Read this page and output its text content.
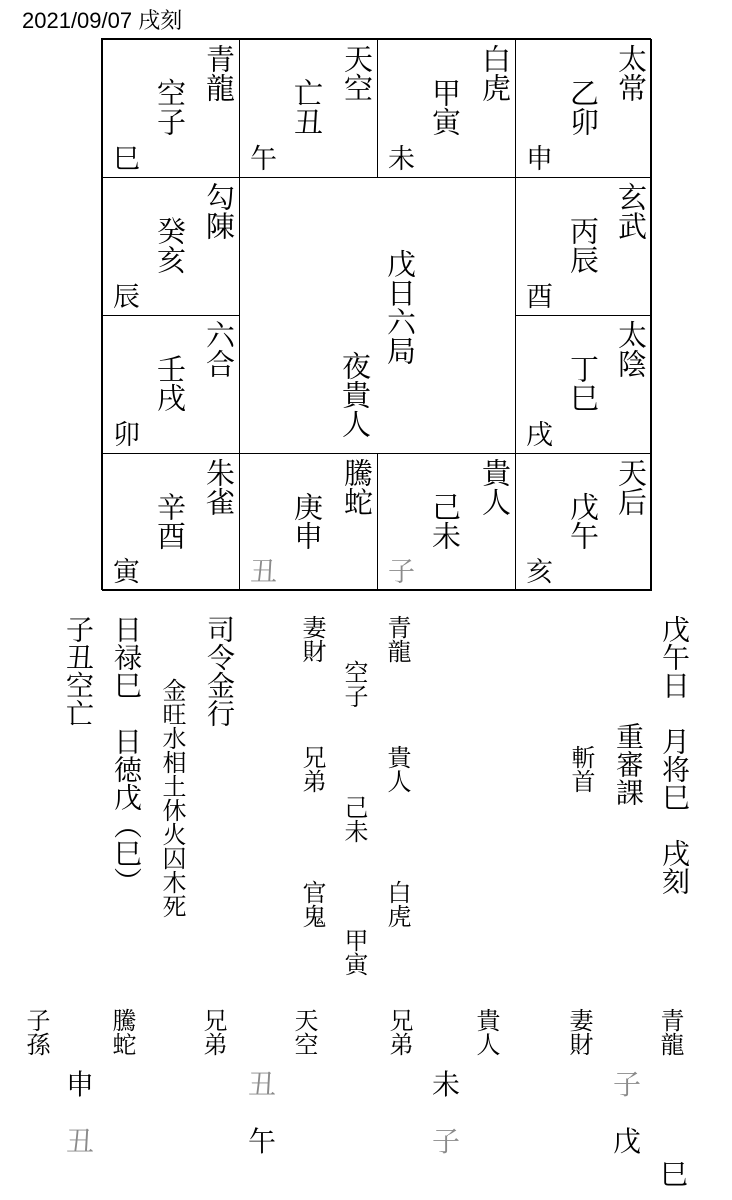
2021/09/07 戌刻
青龍
空子
巳
天空
亡丑
午
白虎
甲寅
未
太常
乙卯
申
勾陳
癸亥
辰
玄武
丙辰
酉
六合
壬戌
卯
太陰
丁巳
戌
朱雀
辛酉
寅
騰蛇
庚申
丑
貴人
己未
子
天后
戊午
亥
戊日六局
夜貴人
戊午日　月将巳　戌刻
重審課
斬首
青龍
妻財
空子
貴人
兄弟
己未
白虎
官鬼
甲寅
司令金行
金旺水相土休火囚木死
日禄巳　日徳戊（巳）
子丑空亡
青龍
妻財
子
戊
巳
貴人
兄弟
未
子
天空
兄弟
丑
午
騰蛇
子孫
申
丑
